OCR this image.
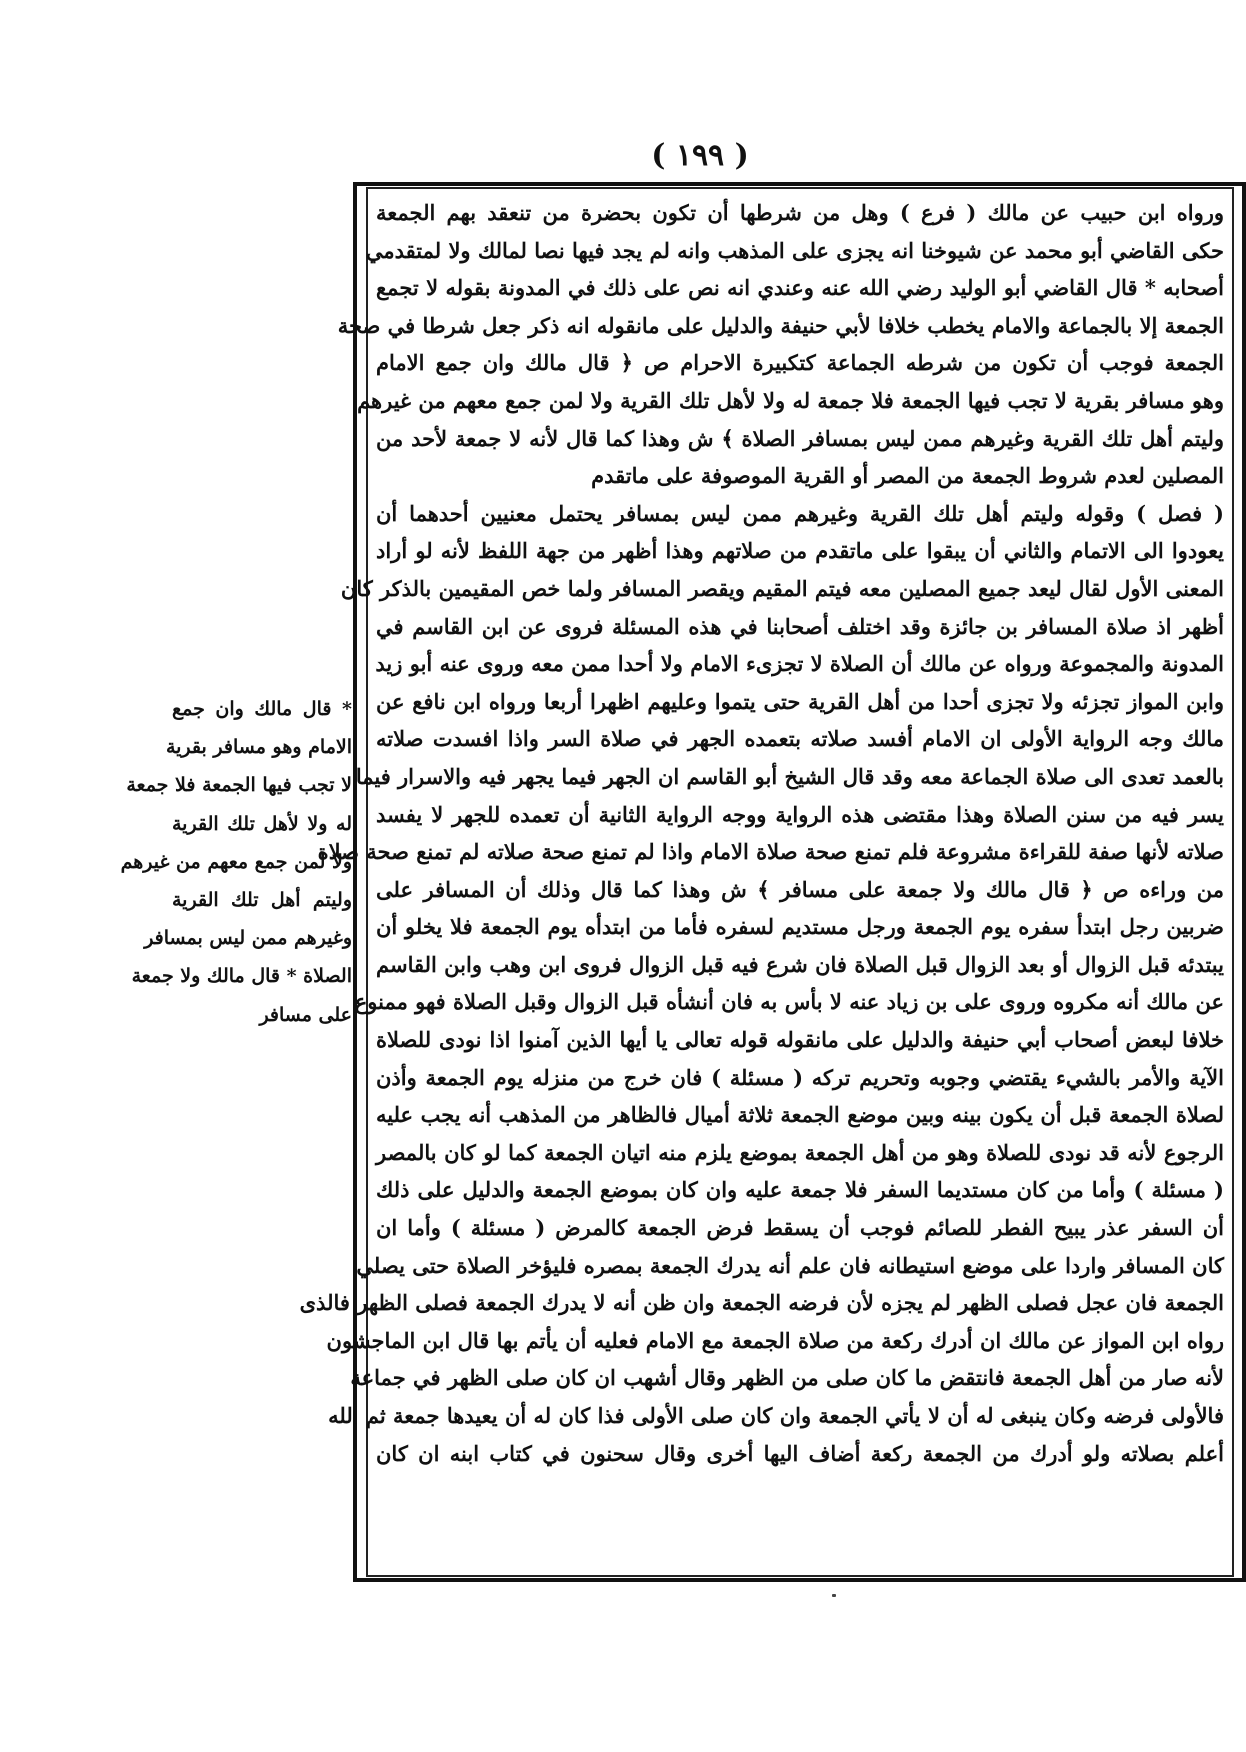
( ١٩٩ )
ورواه ابن حبيب عن مالك ( فرع ) وهل من شرطها أن تكون بحضرة من تنعقد بهم الجمعة
حكى القاضي أبو محمد عن شيوخنا انه يجزى على المذهب وانه لم يجد فيها نصا لمالك ولا لمتقدمي
أصحابه * قال القاضي أبو الوليد رضي الله عنه وعندي انه نص على ذلك في المدونة بقوله لا تجمع
الجمعة إلا بالجماعة والامام يخطب خلافا لأبي حنيفة والدليل على مانقوله انه ذكر جعل شرطا في صحة
الجمعة فوجب أن تكون من شرطه الجماعة كتكبيرة الاحرام ص ﴿ قال مالك وان جمع الامام
وهو مسافر بقرية لا تجب فيها الجمعة فلا جمعة له ولا لأهل تلك القرية ولا لمن جمع معهم من غيرهم
وليتم أهل تلك القرية وغيرهم ممن ليس بمسافر الصلاة ﴾ ش وهذا كما قال لأنه لا جمعة لأحد من
المصلين لعدم شروط الجمعة من المصر أو القرية الموصوفة على ماتقدم
( فصل ) وقوله وليتم أهل تلك القرية وغيرهم ممن ليس بمسافر يحتمل معنيين أحدهما أن
يعودوا الى الاتمام والثاني أن يبقوا على ماتقدم من صلاتهم وهذا أظهر من جهة اللفظ لأنه لو أراد
المعنى الأول لقال ليعد جميع المصلين معه فيتم المقيم ويقصر المسافر ولما خص المقيمين بالذكر كان
أظهر اذ صلاة المسافر بن جائزة وقد اختلف أصحابنا في هذه المسئلة فروى عن ابن القاسم في
المدونة والمجموعة ورواه عن مالك أن الصلاة لا تجزىء الامام ولا أحدا ممن معه وروى عنه أبو زيد
وابن المواز تجزئه ولا تجزى أحدا من أهل القرية حتى يتموا وعليهم اظهرا أربعا ورواه ابن نافع عن
مالك وجه الرواية الأولى ان الامام أفسد صلاته بتعمده الجهر في صلاة السر واذا افسدت صلاته
بالعمد تعدى الى صلاة الجماعة معه وقد قال الشيخ أبو القاسم ان الجهر فيما يجهر فيه والاسرار فيما
يسر فيه من سنن الصلاة وهذا مقتضى هذه الرواية ووجه الرواية الثانية أن تعمده للجهر لا يفسد
صلاته لأنها صفة للقراءة مشروعة فلم تمنع صحة صلاة الامام واذا لم تمنع صحة صلاته لم تمنع صحة صلاة
من وراءه ص ﴿ قال مالك ولا جمعة على مسافر ﴾ ش وهذا كما قال وذلك أن المسافر على
ضربين رجل ابتدأ سفره يوم الجمعة ورجل مستديم لسفره فأما من ابتدأه يوم الجمعة فلا يخلو أن
يبتدئه قبل الزوال أو بعد الزوال قبل الصلاة فان شرع فيه قبل الزوال فروى ابن وهب وابن القاسم
عن مالك أنه مكروه وروى على بن زياد عنه لا بأس به فان أنشأه قبل الزوال وقبل الصلاة فهو ممنوع
خلافا لبعض أصحاب أبي حنيفة والدليل على مانقوله قوله تعالى يا أيها الذين آمنوا اذا نودى للصلاة
الآية والأمر بالشيء يقتضي وجوبه وتحريم تركه ( مسئلة ) فان خرج من منزله يوم الجمعة وأذن
لصلاة الجمعة قبل أن يكون بينه وبين موضع الجمعة ثلاثة أميال فالظاهر من المذهب أنه يجب عليه
الرجوع لأنه قد نودى للصلاة وهو من أهل الجمعة بموضع يلزم منه اتيان الجمعة كما لو كان بالمصر
( مسئلة ) وأما من كان مستديما السفر فلا جمعة عليه وان كان بموضع الجمعة والدليل على ذلك
أن السفر عذر يبيح الفطر للصائم فوجب أن يسقط فرض الجمعة كالمرض ( مسئلة ) وأما ان
كان المسافر واردا على موضع استيطانه فان علم أنه يدرك الجمعة بمصره فليؤخر الصلاة حتى يصلي
الجمعة فان عجل فصلى الظهر لم يجزه لأن فرضه الجمعة وان ظن أنه لا يدرك الجمعة فصلى الظهر فالذى
رواه ابن المواز عن مالك ان أدرك ركعة من صلاة الجمعة مع الامام فعليه أن يأتم بها قال ابن الماجشون
لأنه صار من أهل الجمعة فانتقض ما كان صلى من الظهر وقال أشهب ان كان صلى الظهر في جماعة
فالأولى فرضه وكان ينبغى له أن لا يأتي الجمعة وان كان صلى الأولى فذا كان له أن يعيدها جمعة ثم الله
أعلم بصلاته ولو أدرك من الجمعة ركعة أضاف اليها أخرى وقال سحنون في كتاب ابنه ان كان
* قال مالك وان جمع
الامام وهو مسافر بقرية
لا تجب فيها الجمعة فلا جمعة
له ولا لأهل تلك القرية
ولا لمن جمع معهم من غيرهم
وليتم أهل تلك القرية
وغيرهم ممن ليس بمسافر
الصلاة * قال مالك ولا جمعة
على مسافر
